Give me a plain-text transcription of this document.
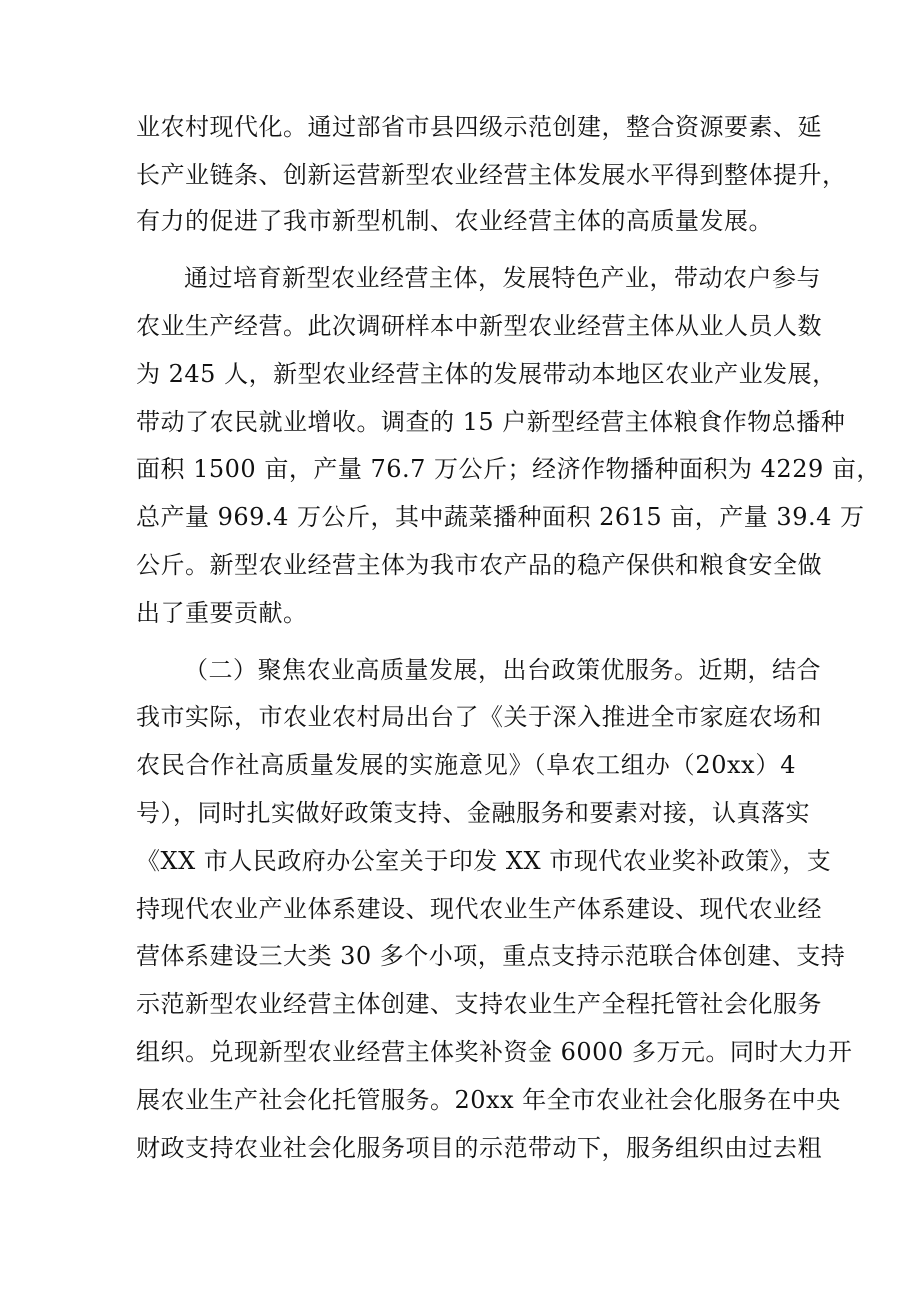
业农村现代化。通过部省市县四级示范创建，整合资源要素、延
长产业链条、创新运营新型农业经营主体发展水平得到整体提升，
有力的促进了我市新型机制、农业经营主体的高质量发展。
通过培育新型农业经营主体，发展特色产业，带动农户参与
农业生产经营。此次调研样本中新型农业经营主体从业人员人数
为 245 人，新型农业经营主体的发展带动本地区农业产业发展，
带动了农民就业增收。调查的 15 户新型经营主体粮食作物总播种
面积 1500 亩，产量 76.7 万公斤；经济作物播种面积为 4229 亩，
总产量 969.4 万公斤，其中蔬菜播种面积 2615 亩，产量 39.4 万
公斤。新型农业经营主体为我市农产品的稳产保供和粮食安全做
出了重要贡献。
（二）聚焦农业高质量发展，出台政策优服务。近期，结合
我市实际，市农业农村局出台了《关于深入推进全市家庭农场和
农民合作社高质量发展的实施意见》（阜农工组办（20xx）4
号），同时扎实做好政策支持、金融服务和要素对接，认真落实
《XX 市人民政府办公室关于印发 XX 市现代农业奖补政策》，支
持现代农业产业体系建设、现代农业生产体系建设、现代农业经
营体系建设三大类 30 多个小项，重点支持示范联合体创建、支持
示范新型农业经营主体创建、支持农业生产全程托管社会化服务
组织。兑现新型农业经营主体奖补资金 6000 多万元。同时大力开
展农业生产社会化托管服务。20xx 年全市农业社会化服务在中央
财政支持农业社会化服务项目的示范带动下，服务组织由过去粗
